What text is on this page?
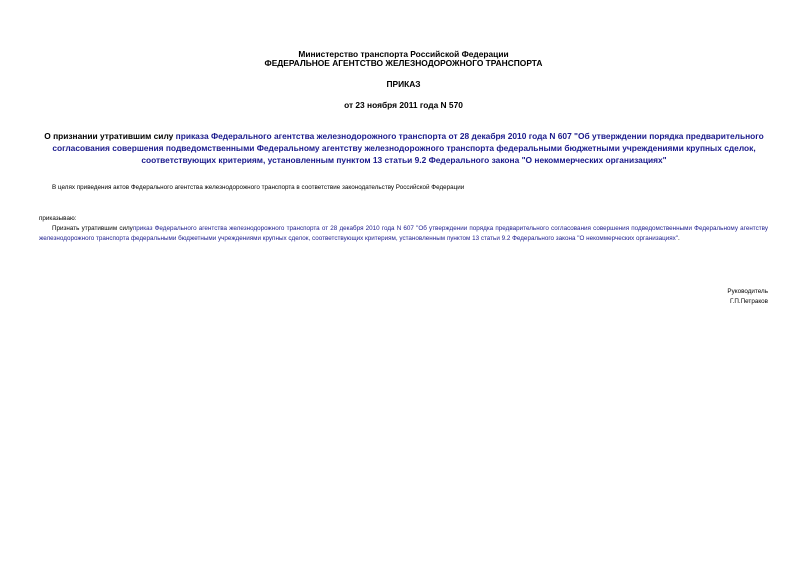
Министерство транспорта Российской Федерации
ФЕДЕРАЛЬНОЕ АГЕНТСТВО ЖЕЛЕЗНОДОРОЖНОГО ТРАНСПОРТА
ПРИКАЗ
от 23 ноября 2011 года N 570
О признании утратившим силу приказа Федерального агентства железнодорожного транспорта от 28 декабря 2010 года N 607 "Об утверждении порядка предварительного согласования совершения подведомственными Федеральному агентству железнодорожного транспорта федеральными бюджетными учреждениями крупных сделок, соответствующих критериям, установленным пунктом 13 статьи 9.2 Федерального закона "О некоммерческих организациях"
В целях приведения актов Федерального агентства железнодорожного транспорта в соответствие законодательству Российской Федерации
приказываю:
Признать утратившим силуприказ Федерального агентства железнодорожного транспорта от 28 декабря 2010 года N 607 "Об утверждении порядка предварительного согласования совершения подведомственными Федеральному агентству железнодорожного транспорта федеральными бюджетными учреждениями крупных сделок, соответствующих критериям, установленным пунктом 13 статьи 9.2 Федерального закона "О некоммерческих организациях".
Руководитель
Г.П.Петраков
